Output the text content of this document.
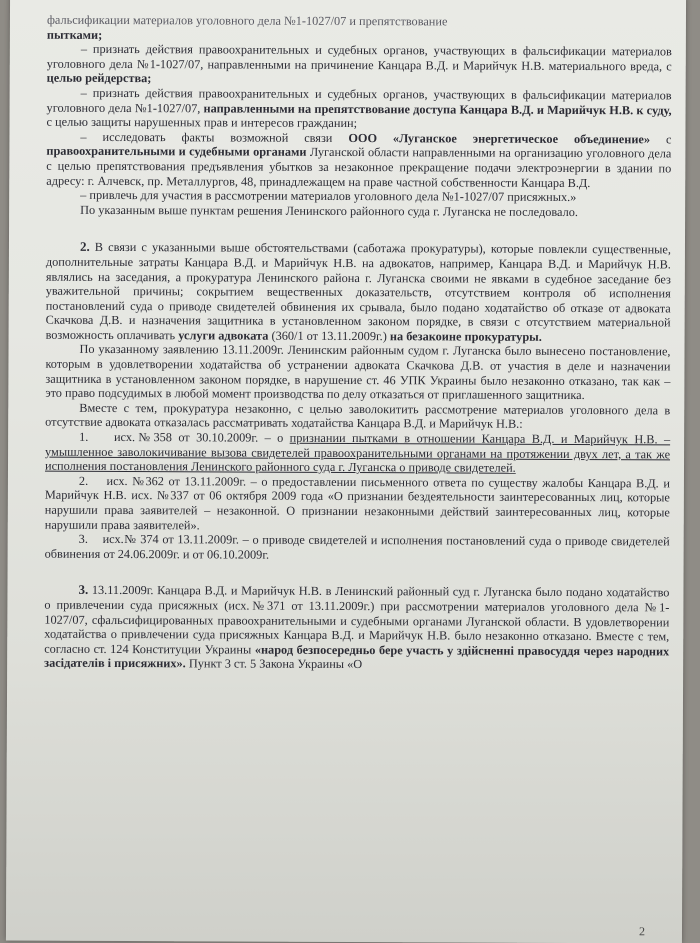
фальсификации материалов уголовного дела №1-1027/07 и препятствование
пытками;

– признать действия правоохранительных и судебных органов, участвующих в фальсификации материалов уголовного дела №1-1027/07, направленными на причинение Канцара В.Д. и Марийчук Н.В. материального вреда, с целью рейдерства;

– признать действия правоохранительных и судебных органов, участвующих в фальсификации материалов уголовного дела №1-1027/07, направленными на препятствование доступа Канцара В.Д. и Марийчук Н.В. к суду, с целью защиты нарушенных прав и интересов гражданин;

– исследовать факты возможной связи ООО «Луганское энергетическое объединение» с правоохранительными и судебными органами Луганской области направленными на организацию уголовного дела с целью препятствования предъявления убытков за незаконное прекращение подачи электроэнергии в здании по адресу: г. Алчевск, пр. Металлургов, 48, принадлежащем на праве частной собственности Канцара В.Д.

– привлечь для участия в рассмотрении материалов уголовного дела №1-1027/07 присяжных.»

По указанным выше пунктам решения Ленинского районного суда г. Луганска не последовало.

2. В связи с указанными выше обстоятельствами (саботажа прокуратуры), которые повлекли существенные, дополнительные затраты Канцара В.Д. и Марийчук Н.В. на адвокатов, например, Канцара В.Д. и Марийчук Н.В. являлись на заседания, а прокуратура Ленинского района г. Луганска своими не явками в судебное заседание без уважительной причины; сокрытием вещественных доказательств, отсутствием контроля об исполнения постановлений суда о приводе свидетелей обвинения их срывала, было подано ходатайство об отказе от адвоката Скачкова Д.В. и назначения защитника в установленном законом порядке, в связи с отсутствием материальной возможность оплачивать услуги адвоката (360/1 от 13.11.2009г.) на безакоине прокуратуры.

По указанному заявлению 13.11.2009г. Ленинским районным судом г. Луганска было вынесено постановление, которым в удовлетворении ходатайства об устранении адвоката Скачкова Д.В. от участия в деле и назначении защитника в установленном законом порядке, в нарушение ст. 46 УПК Украины было незаконно отказано, так как – это право подсудимых в любой момент производства по делу отказаться от приглашенного защитника.

Вместе с тем, прокуратура незаконно, с целью заволокитить рассмотрение материалов уголовного дела в отсутствие адвоката отказалась рассматривать ходатайства Канцара В.Д. и Марийчук Н.В.:

1. исх.№358 от 30.10.2009г. – о признании пытками в отношении Канцара В.Д. и Марийчук Н.В. – умышленное заволокичивание вызова свидетелей правоохранительными органами на протяжении двух лет, а так же исполнения постановления Ленинского районного суда г. Луганска о приводе свидетелей.

2. исх. №362 от 13.11.2009г. – о предоставлении письменного ответа по существу жалобы Канцара В.Д. и Марийчук Н.В. исх. №337 от 06 октября 2009 года «О признании бездеятельности заинтересованных лиц, которые нарушили права заявителей – незаконной. О признании незаконными действий заинтересованных лиц, которые нарушили права заявителей».

3. исх.№ 374 от 13.11.2009г. – о приводе свидетелей и исполнения постановлений суда о приводе свидетелей обвинения от 24.06.2009г. и от 06.10.2009г.

3. 13.11.2009г. Канцара В.Д. и Марийчук Н.В. в Ленинский районный суд г. Луганска было подано ходатайство о привлечении суда присяжных (исх.№371 от 13.11.2009г.) при рассмотрении материалов уголовного дела №1-1027/07, сфальсифицированных правоохранительными и судебными органами Луганской области. В удовлетворении ходатайства о привлечении суда присяжных Канцара В.Д. и Марийчук Н.В. было незаконно отказано. Вместе с тем, согласно ст. 124 Конституции Украины «народ безпосередньо бере участь у здійсненні правосуддя через народних засідателів і присяжних». Пункт 3 ст. 5 Закона Украины «О

2
